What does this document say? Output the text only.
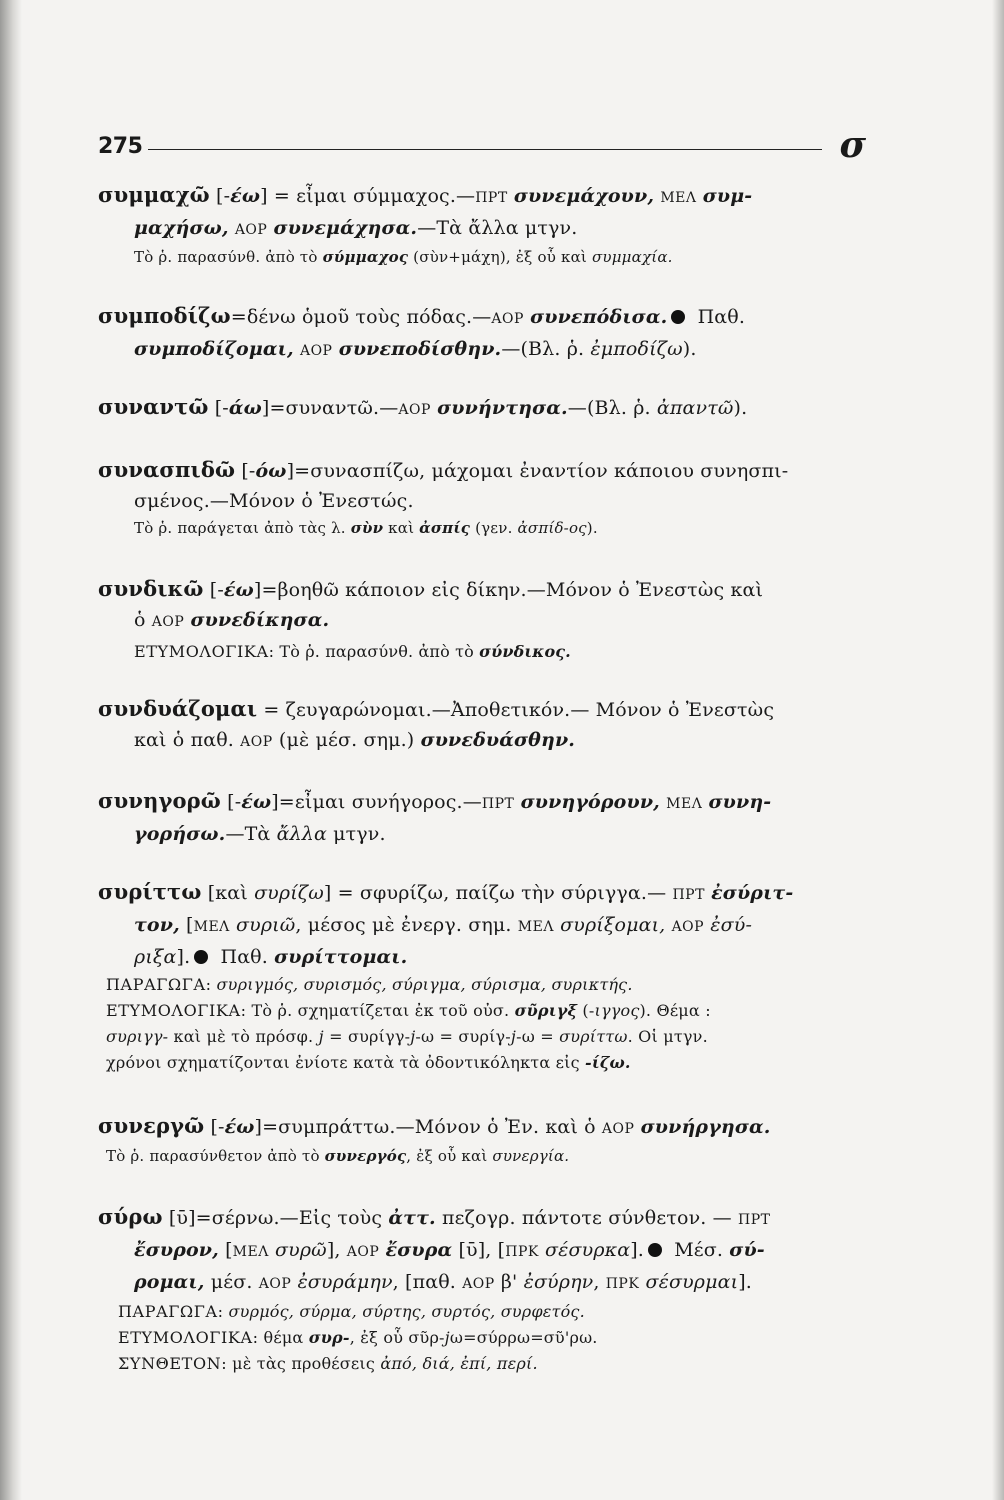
275	σ
συμμαχῶ [-έω] = εἶμαι σύμμαχος.—ΠΡΤ συνεμάχουν, ΜΕΛ συμ-
μαχήσω, ΑΟΡ συνεμάχησα.—Τὰ ἄλλα μτγν.
Τὸ ῥ. παρασύνθ. ἀπὸ τὸ σύμμαχος (σὺν+μάχη), ἐξ οὗ καὶ συμμαχία.
συμποδίζω=δένω ὁμοῦ τοὺς πόδας.—ΑΟΡ συνεπόδισα. Παθ.
συμποδίζομαι, ΑΟΡ συνεποδίσθην.—(Βλ. ῥ. ἐμποδίζω).
συναντῶ [-άω]=συναντῶ.—ΑΟΡ συνήντησα.—(Βλ. ῥ. ἀπαντῶ).
συνασπιδῶ [-όω]=συνασπίζω, μάχομαι ἐναντίον κάποιου συνησπι-
σμένος.—Μόνον ὁ Ἐνεστώς.
Τὸ ῥ. παράγεται ἀπὸ τὰς λ. σὺν καὶ ἀσπίς (γεν. ἀσπίδ-ος).
συνδικῶ [-έω]=βοηθῶ κάποιον εἰς δίκην.—Μόνον ὁ Ἐνεστὼς καὶ
ὁ ΑΟΡ συνεδίκησα.
ΕΤΥΜΟΛΟΓΙΚΑ: Τὸ ῥ. παρασύνθ. ἀπὸ τὸ σύνδικος.
συνδυάζομαι = ζευγαρώνομαι.—Ἀποθετικόν.— Μόνον ὁ Ἐνεστὼς
καὶ ὁ παθ. ΑΟΡ (μὲ μέσ. σημ.) συνεδυάσθην.
συνηγορῶ [-έω]=εἶμαι συνήγορος.—ΠΡΤ συνηγόρουν, ΜΕΛ συνη-
γορήσω.—Τὰ ἄλλα μτγν.
συρίττω [καὶ συρίζω] = σφυρίζω, παίζω τὴν σύριγγα.— ΠΡΤ ἐσύριτ-
τον, [ΜΕΛ συριῶ, μέσος μὲ ἐνεργ. σημ. ΜΕΛ συρίξομαι, ΑΟΡ ἐσύ-
ριξα]. Παθ. συρίττομαι.
ΠΑΡΑΓΩΓΑ: συριγμός, συρισμός, σύριγμα, σύρισμα, συρικτής.
ΕΤΥΜΟΛΟΓΙΚΑ: Τὸ ῥ. σχηματίζεται ἐκ τοῦ οὐσ. σῦριγξ (-ιγγος). Θέμα :
συριγγ- καὶ μὲ τὸ πρόσφ. j = συρίγγ-j-ω = συρίγ-j-ω = συρίττω. Οἱ μτγν.
χρόνοι σχηματίζονται ἐνίοτε κατὰ τὰ ὀδοντικόληκτα εἰς -ίζω.
συνεργῶ [-έω]=συμπράττω.—Μόνον ὁ Ἐν. καὶ ὁ ΑΟΡ συνήργησα.
Τὸ ῥ. παρασύνθετον ἀπὸ τὸ συνεργός, ἐξ οὗ καὶ συνεργία.
σύρω [ῡ]=σέρνω.—Εἰς τοὺς ἀττ. πεζογρ. πάντοτε σύνθετον. — ΠΡΤ
ἔσυρον, [ΜΕΛ συρῶ], ΑΟΡ ἔσυρα [ῡ], [ΠΡΚ σέσυρκα]. Μέσ. σύ-
ρομαι, μέσ. ΑΟΡ ἐσυράμην, [παθ. ΑΟΡ β' ἐσύρην, ΠΡΚ σέσυρμαι].
ΠΑΡΑΓΩΓΑ: συρμός, σύρμα, σύρτης, συρτός, συρφετός.
ΕΤΥΜΟΛΟΓΙΚΑ: θέμα συρ-, ἐξ οὗ σῦρ-jω=σύρρω=σῦ'ρω.
ΣΥΝΘΕΤΟΝ: μὲ τὰς προθέσεις ἀπό, διά, ἐπί, περί.
